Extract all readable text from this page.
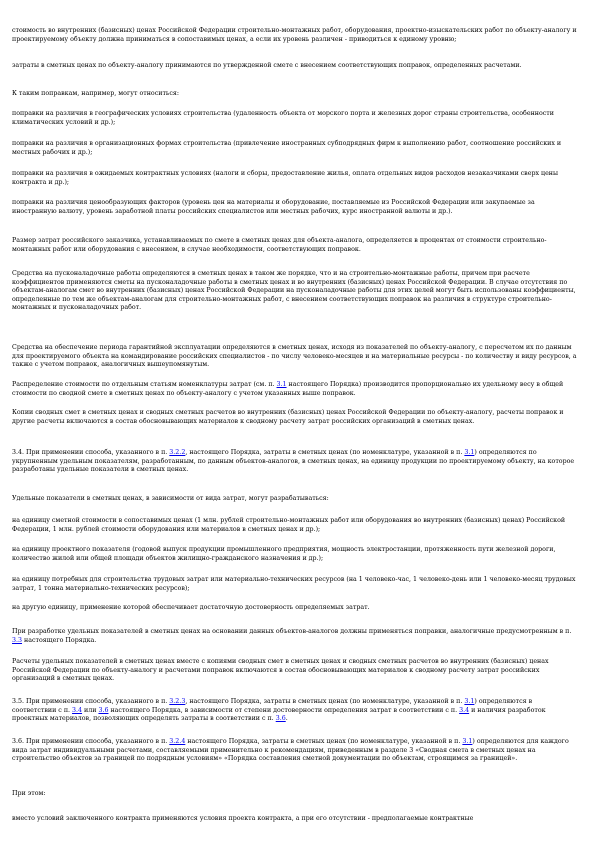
стоимость во внутренних (базисных) ценах Российской Федерации строительно-монтажных работ, оборудования, проектно-изыскательских работ по объекту-аналогу и проектируемому объекту должна приниматься в сопоставимых ценах, а если их уровень различен - приводиться к единому уровню;

затраты в сметных ценах по объекту-аналогу принимаются по утвержденной смете с внесением соответствующих поправок, определенных расчетами.

К таким поправкам, например, могут относиться:

поправки на различия в географических условиях строительства (удаленность объекта от морского порта и железных дорог страны строительства, особенности климатических условий и др.);

поправки на различия в организационных формах строительства (привлечение иностранных субподрядных фирм к выполнению работ, соотношение российских и местных рабочих и др.);

поправки на различия в ожидаемых контрактных условиях (налоги и сборы, предоставление жилья, оплата отдельных видов расходов незаказчиками сверх цены контракта и др.);

поправки на различия ценообразующих факторов (уровень цен на материалы и оборудование, поставляемые из Российской Федерации или закупаемые за иностранную валюту, уровень заработной платы российских специалистов или местных рабочих, курс иностранной валюты и др.).

Размер затрат российского заказчика, устанавливаемых по смете в сметных ценах для объекта-аналога, определяется в процентах от стоимости строительно-монтажных работ или оборудования с внесением, в случае необходимости, соответствующих поправок.

Средства на пусконаладочные работы определяются в сметных ценах в таком же порядке, что и на строительно-монтажные работы, причем при расчете коэффициентов применяются сметы на пусконаладочные работы в сметных ценах и во внутренних (базисных) ценах Российской Федерации. В случае отсутствия по объектам-аналогам смет во внутренних (базисных) ценах Российской Федерации на пусконаладочные работы для этих целей могут быть использованы коэффициенты, определенные по тем же объектам-аналогам для строительно-монтажных работ, с внесением соответствующих поправок на различия в структуре строительно-монтажных и пусконаладочных работ.

Средства на обеспечение периода гарантийной эксплуатации определяются в сметных ценах, исходя из показателей по объекту-аналогу, с пересчетом их по данным для проектируемого объекта на командирование российских специалистов - по числу человеко-месяцев и на материальные ресурсы - по количеству и виду ресурсов, а также с учетом поправок, аналогичных вышеупомянутым.

Распределение стоимости по отдельным статьям номенклатуры затрат (см. п. 3.1 настоящего Порядка) производится пропорционально их удельному весу в общей стоимости по сводной смете в сметных ценах по объекту-аналогу с учетом указанных выше поправок.

Копии сводных смет в сметных ценах и сводных сметных расчетов во внутренних (базисных) ценах Российской Федерации по объекту-аналогу, расчеты поправок и другие расчеты включаются в состав обосновывающих материалов к сводному расчету затрат российских организаций в сметных ценах.

3.4. При применении способа, указанного в п. 3.2.2, настоящего Порядка, затраты в сметных ценах (по номенклатуре, указанной в п. 3.1) определяются по укрупненным удельным показателям, разработанным, по данным объектов-аналогов, в сметных ценах, на единицу продукции по проектируемому объекту, на которое разработаны удельные показатели в сметных ценах.

Удельные показатели в сметных ценах, в зависимости от вида затрат, могут разрабатываться:

на единицу сметной стоимости в сопоставимых ценах (1 млн. рублей строительно-монтажных работ или оборудования во внутренних (базисных) ценах) Российской Федерации, 1 млн. рублей стоимости оборудования или материалов в сметных ценах и др.);

на единицу проектного показателя (годовой выпуск продукции промышленного предприятия, мощность электростанции, протяженность пути железной дороги, количество жилой или общей площади объектов жилищно-гражданского назначения и др.);

на единицу потребных для строительства трудовых затрат или материально-технических ресурсов (на 1 человеко-час, 1 человеко-день или 1 человеко-месяц трудовых затрат, 1 тонна материально-технических ресурсов);

на другую единицу, применение которой обеспечивает достаточную достоверность определяемых затрат.

При разработке удельных показателей в сметных ценах на основании данных объектов-аналогов должны применяться поправки, аналогичные предусмотренным в п. 3.3 настоящего Порядка.

Расчеты удельных показателей в сметных ценах вместе с копиями сводных смет в сметных ценах и сводных сметных расчетов во внутренних (базисных) ценах Российской Федерации по объекту-аналогу и расчетами поправок включаются в состав обосновывающих материалов к сводному расчету затрат российских организаций в сметных ценах.

3.5. При применении способа, указанного в п. 3.2.3, настоящего Порядка, затраты в сметных ценах (по номенклатуре, указанной в п. 3.1) определяются в соответствии с п. 3.4 или 3.6 настоящего Порядка, в зависимости от степени достоверности определения затрат в соответствии с п. 3.4 и наличия разработок проектных материалов, позволяющих определять затраты в соответствии с п. 3.6.

3.6. При применении способа, указанного в п. 3.2.4 настоящего Порядка, затраты в сметных ценах (по номенклатуре, указанной в п. 3.1) определяются для каждого вида затрат индивидуальными расчетами, составляемыми применительно к рекомендациям, приведенным в разделе 3 «Сводная смета в сметных ценах на строительство объектов за границей по подрядным условиям» «Порядка составления сметной документации по объектам, строящимся за границей».

При этом:

вместо условий заключенного контракта применяются условия проекта контракта, а при его отсутствии - предполагаемые контрактные
